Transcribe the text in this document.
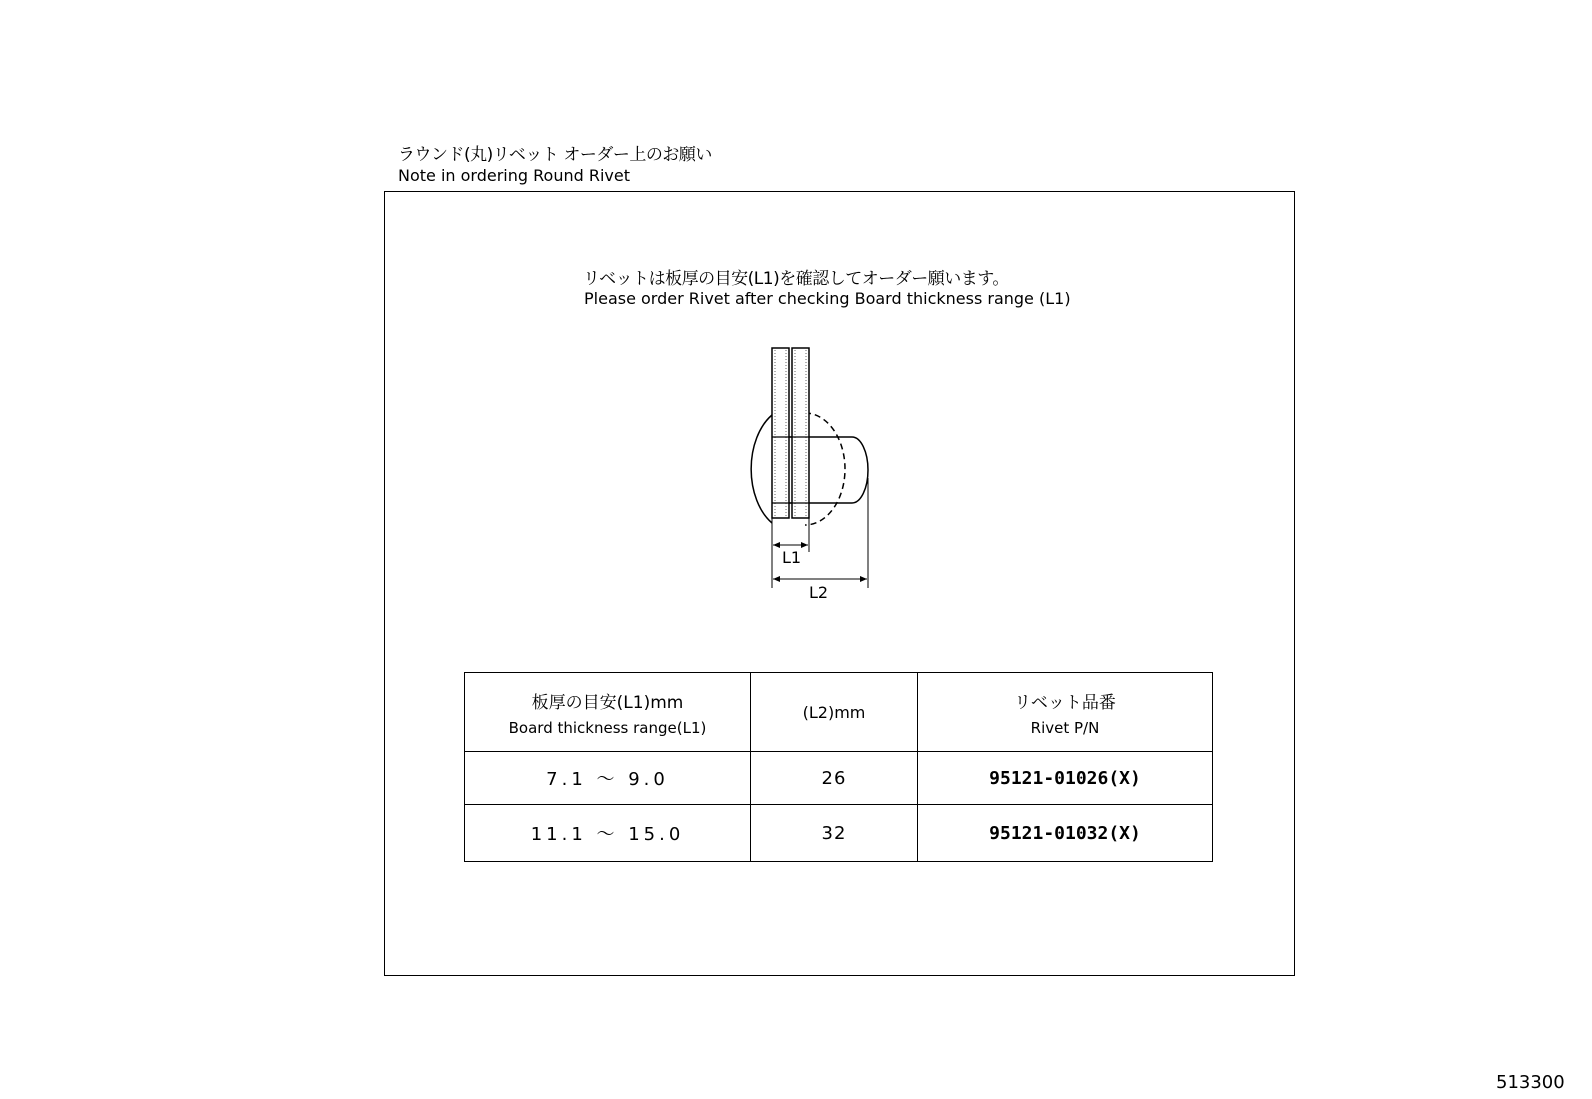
ラウンド(丸)リベット オーダー上のお願い
Note in ordering Round Rivet
リベットは板厚の目安(L1)を確認してオーダー願います。
Please order Rivet after checking Board thickness range (L1)
L1
L2
板厚の目安(L1)mm
Board thickness range(L1)	(L2)mm	リベット品番
Rivet P/N

7.1 ～ 9.0	26	95121-01026(X)
11.1 ～ 15.0	32	95121-01032(X)
513300
